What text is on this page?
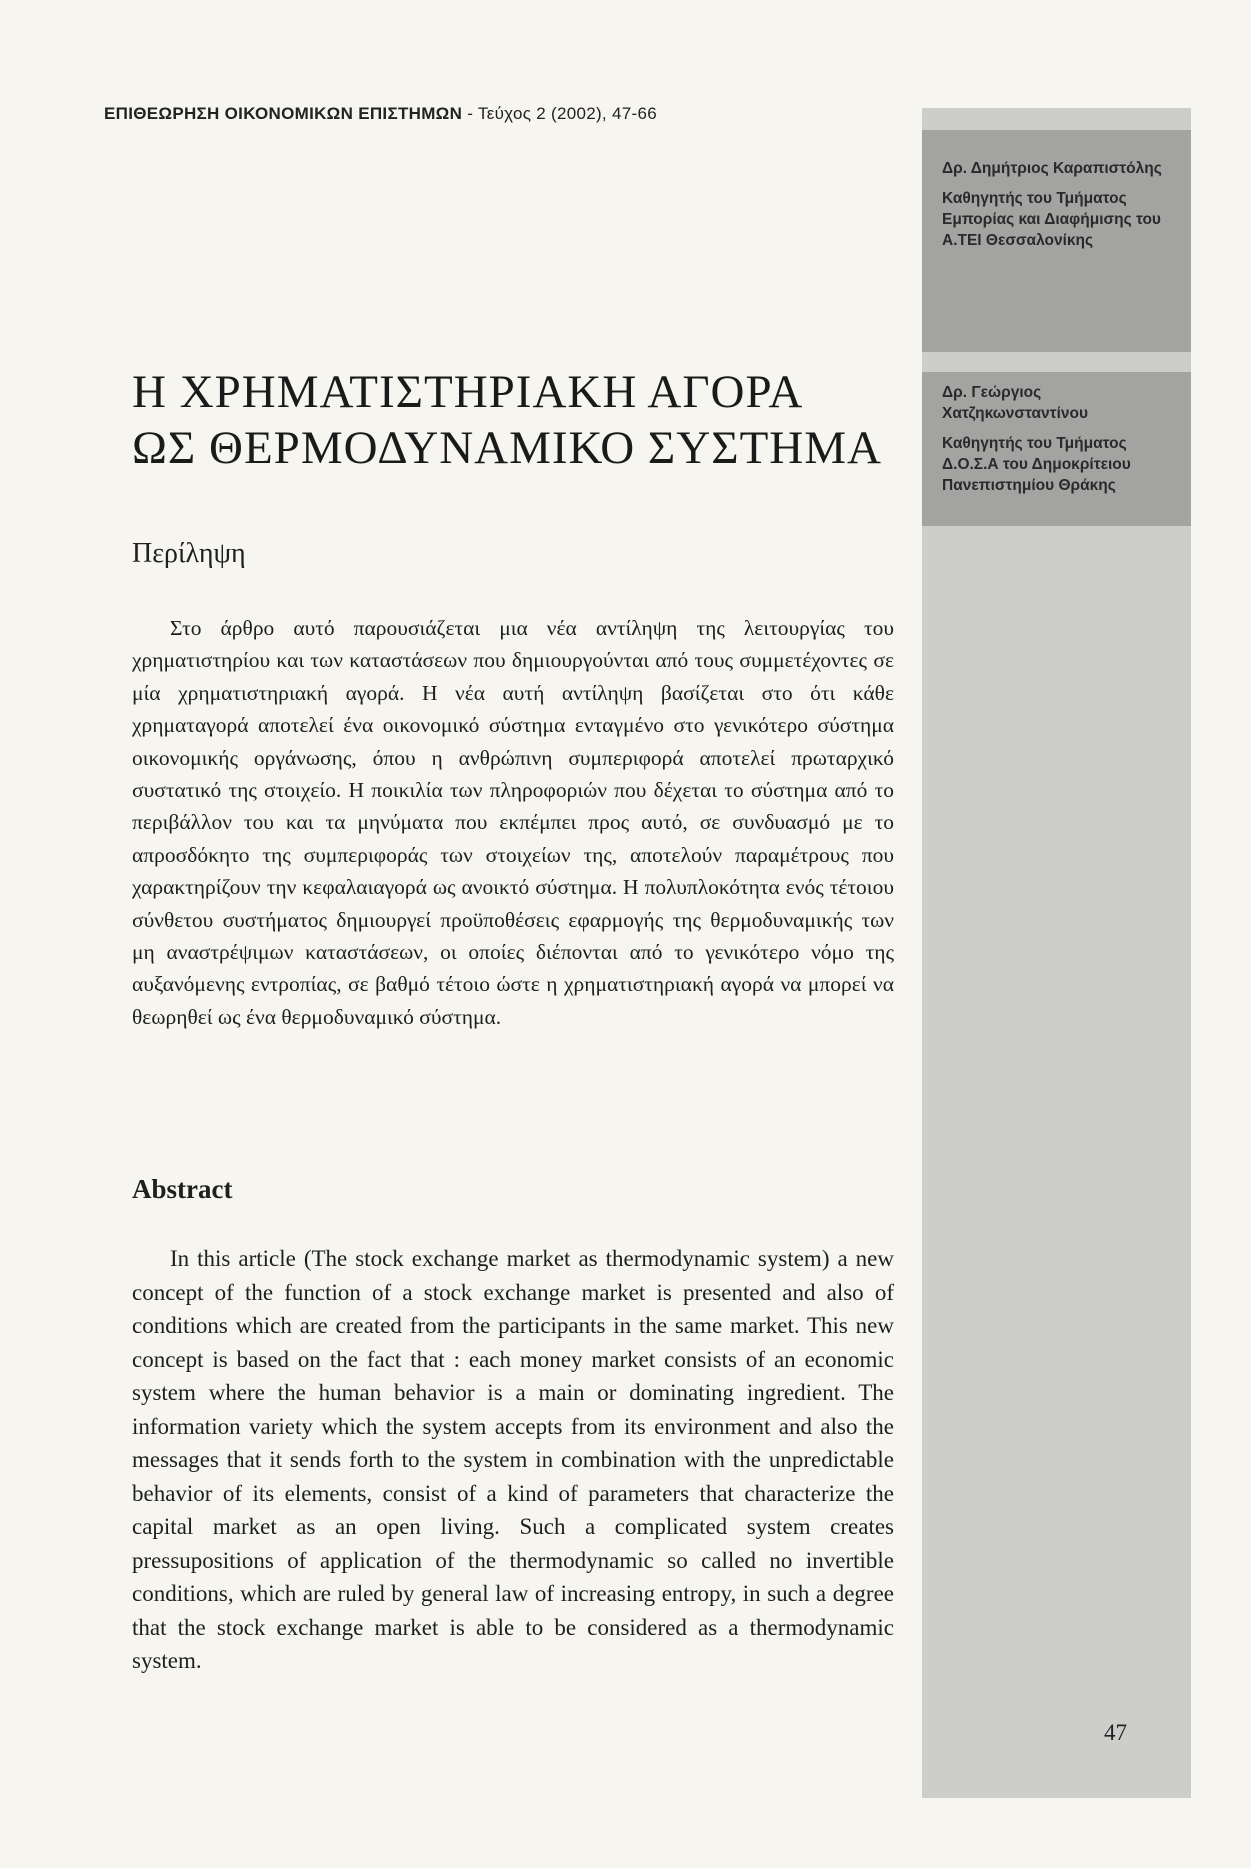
ΕΠΙΘΕΩΡΗΣΗ ΟΙΚΟΝΟΜΙΚΩΝ ΕΠΙΣΤΗΜΩΝ - Τεύχος 2 (2002), 47-66

Δρ. Δημήτριος Καραπιστόλης

Καθηγητής του Τμήματος Εμπορίας και Διαφήμισης του Α.ΤΕΙ Θεσσαλονίκης

Δρ. Γεώργιος Χατζηκωνσταντίνου

Καθηγητής του Τμήματος Δ.Ο.Σ.Α του Δημοκρίτειου Πανεπιστημίου Θράκης

Η ΧΡΗΜΑΤΙΣΤΗΡΙΑΚΗ ΑΓΟΡΑ
ΩΣ ΘΕΡΜΟΔΥΝΑΜΙΚΟ ΣΥΣΤΗΜΑ
Περίληψη

Στο άρθρο αυτό παρουσιάζεται μια νέα αντίληψη της λειτουργίας του χρηματιστηρίου και των καταστάσεων που δημιουργούνται από τους συμμετέχοντες σε μία χρηματιστηριακή αγορά. Η νέα αυτή αντίληψη βασίζεται στο ότι κάθε χρηματαγορά αποτελεί ένα οικονομικό σύστημα ενταγμένο στο γενικότερο σύστημα οικονομικής οργάνωσης, όπου η ανθρώπινη συμπεριφορά αποτελεί πρωταρχικό συστατικό της στοιχείο. Η ποικιλία των πληροφοριών που δέχεται το σύστημα από το περιβάλλον του και τα μηνύματα που εκπέμπει προς αυτό, σε συνδυασμό με το απροσδόκητο της συμπεριφοράς των στοιχείων της, αποτελούν παραμέτρους που χαρακτηρίζουν την κεφαλαιαγορά ως ανοικτό σύστημα. Η πολυπλοκότητα ενός τέτοιου σύνθετου συστήματος δημιουργεί προϋποθέσεις εφαρμογής της θερμοδυναμικής των μη αναστρέψιμων καταστάσεων, οι οποίες διέπονται από το γενικότερο νόμο της αυξανόμενης εντροπίας, σε βαθμό τέτοιο ώστε η χρηματιστηριακή αγορά να μπορεί να θεωρηθεί ως ένα θερμοδυναμικό σύστημα.

Abstract

In this article (The stock exchange market as thermodynamic system) a new concept of the function of a stock exchange market is presented and also of conditions which are created from the participants in the same market. This new concept is based on the fact that : each money market consists of an economic system where the human behavior is a main or dominating ingredient. The information variety which the system accepts from its environment and also the messages that it sends forth to the system in combination with the unpredictable behavior of its elements, consist of a kind of parameters that characterize the capital market as an open living. Such a complicated system creates pressupositions of application of the thermodynamic so called no invertible conditions, which are ruled by general law of increasing entropy, in such a degree that the stock exchange market is able to be considered as a thermodynamic system.

47
